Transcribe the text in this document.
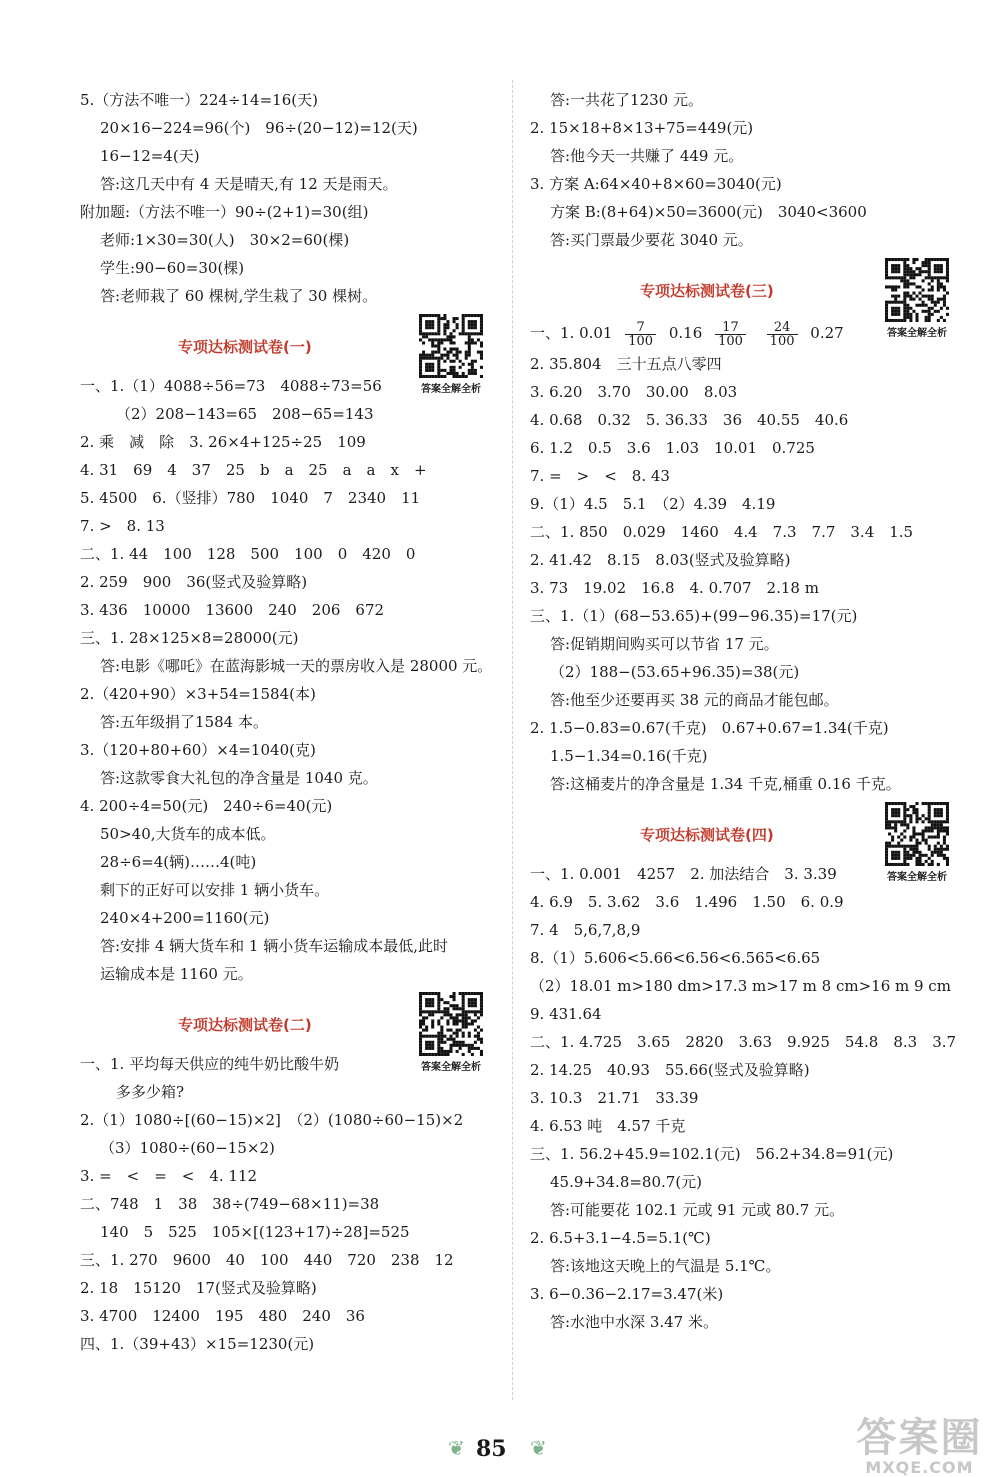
5.（方法不唯一）224÷14=16(天)
20×16−224=96(个)　96÷(20−12)=12(天)
16−12=4(天)
答:这几天中有 4 天是晴天,有 12 天是雨天。
附加题:（方法不唯一）90÷(2+1)=30(组)
老师:1×30=30(人)　30×2=60(棵)
学生:90−60=30(棵)
答:老师栽了 60 棵树,学生栽了 30 棵树。
专项达标测试卷(一)
答案全解全析
一、1.（1）4088÷56=73　4088÷73=56
（2）208−143=65　208−65=143
2. 乘　减　除　3. 26×4+125÷25　109
4. 31　69　4　37　25　b　a　25　a　a　x　+
5. 4500　6.（竖排）780　1040　7　2340　11
7. >　8. 13
二、1. 44　100　128　500　100　0　420　0
2. 259　900　36(竖式及验算略)
3. 436　10000　13600　240　206　672
三、1. 28×125×8=28000(元)
答:电影《哪吒》在蓝海影城一天的票房收入是 28000 元。
2.（420+90）×3+54=1584(本)
答:五年级捐了1584 本。
3.（120+80+60）×4=1040(克)
答:这款零食大礼包的净含量是 1040 克。
4. 200÷4=50(元)　240÷6=40(元)
50>40,大货车的成本低。
28÷6=4(辆)……4(吨)
剩下的正好可以安排 1 辆小货车。
240×4+200=1160(元)
答:安排 4 辆大货车和 1 辆小货车运输成本最低,此时
运输成本是 1160 元。
专项达标测试卷(二)
答案全解全析
一、1. 平均每天供应的纯牛奶比酸牛奶
多多少箱?
2.（1）1080÷[(60−15)×2]　（2）(1080÷60−15)×2
（3）1080÷(60−15×2)
3. =　<　=　<　4. 112
二、748　1　38　38÷(749−68×11)=38
140　5　525　105×[(123+17)÷28]=525
三、1. 270　9600　40　100　440　720　238　12
2. 18　15120　17(竖式及验算略)
3. 4700　12400　195　480　240　36
四、1.（39+43）×15=1230(元)
答:一共花了1230 元。
2. 15×18+8×13+75=449(元)
答:他今天一共赚了 449 元。
3. 方案 A:64×40+8×60=3040(元)
方案 B:(8+64)×50=3600(元)　3040<3600
答:买门票最少要花 3040 元。
专项达标测试卷(三)
答案全解全析
一、1. $0.01 \frac{7}{100} 0.16 \frac{17}{100}$
$\frac{24}{100} 0.27$
2. 35.804　三十五点八零四
3. 6.20　3.70　30.00　8.03
4. 0.68　0.32　5. 36.33　36　40.55　40.6
6. 1.2　0.5　3.6　1.03　10.01　0.725
7. =　>　<　8. 43
9.（1）4.5　5.1　（2）4.39　4.19
二、1. 850　0.029　1460　4.4　7.3　7.7　3.4　1.5
2. 41.42　8.15　8.03(竖式及验算略)
3. 73　19.02　16.8　4. 0.707　2.18 m
三、1.（1）(68−53.65)+(99−96.35)=17(元)
答:促销期间购买可以节省 17 元。
（2）188−(53.65+96.35)=38(元)
答:他至少还要再买 38 元的商品才能包邮。
2. 1.5−0.83=0.67(千克)　0.67+0.67=1.34(千克)
1.5−1.34=0.16(千克)
答:这桶麦片的净含量是 1.34 千克,桶重 0.16 千克。
专项达标测试卷(四)
答案全解全析
一、1. 0.001　4257　2. 加法结合　3. 3.39
4. 6.9　5. 3.62　3.6　1.496　1.50　6. 0.9
7. 4　5,6,7,8,9
8.（1）5.606<5.66<6.56<6.565<6.65
（2）18.01 m>180 dm>17.3 m>17 m 8 cm>16 m 9 cm
9. 431.64
二、1. 4.725　3.65　2820　3.63　9.925　54.8　8.3　3.7
2. 14.25　40.93　55.66(竖式及验算略)
3. 10.3　21.71　33.39
4. 6.53 吨　4.57 千克
三、1. 56.2+45.9=102.1(元)　56.2+34.8=91(元)
45.9+34.8=80.7(元)
答:可能要花 102.1 元或 91 元或 80.7 元。
2. 6.5+3.1−4.5=5.1(℃)
答:该地这天晚上的气温是 5.1℃。
3. 6−0.36−2.17=3.47(米)
答:水池中水深 3.47 米。
❦ 85 ❦	答案圈
MXQE.COM
